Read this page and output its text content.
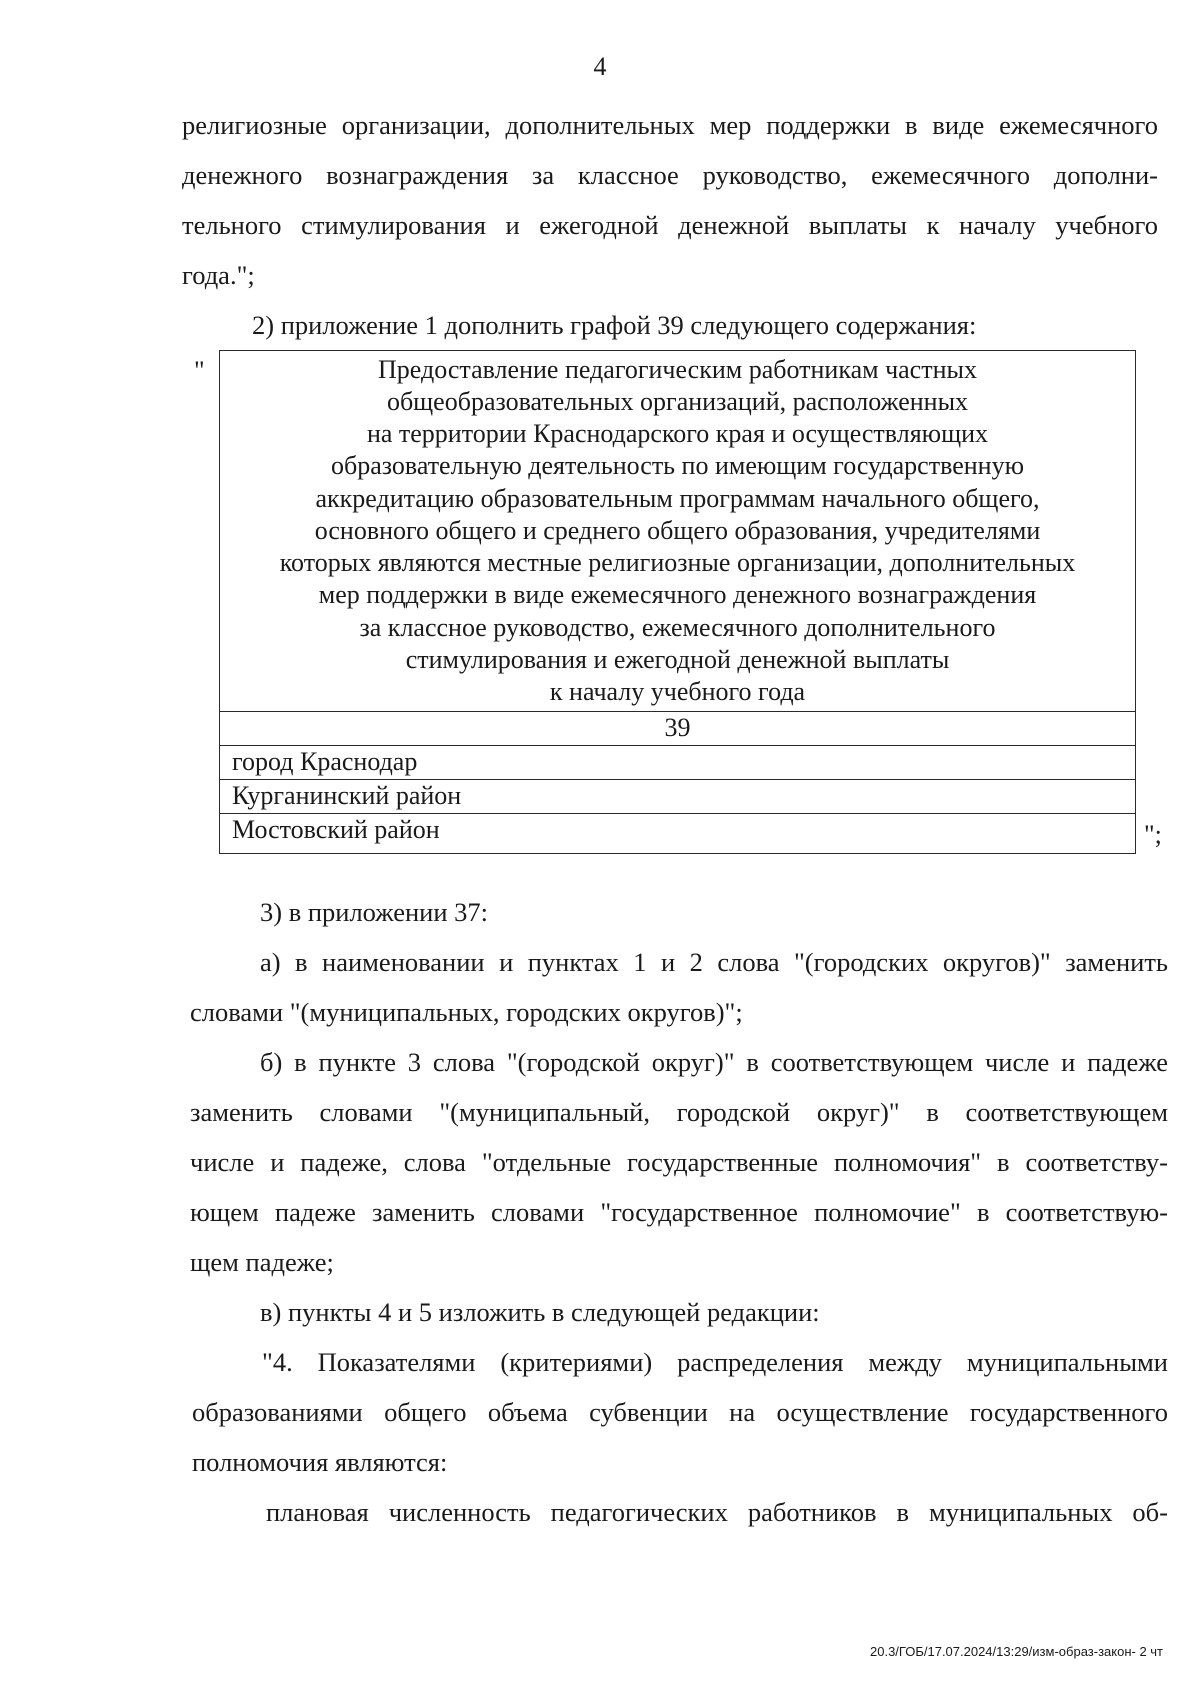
4
религиозные организации, дополнительных мер поддержки в виде ежемесячного
денежного вознаграждения за классное руководство, ежемесячного дополни-
тельного стимулирования и ежегодной денежной выплаты к началу учебного
года.";
2) приложение 1 дополнить графой 39 следующего содержания:
"	Предоставление педагогическим работникам частных
общеобразовательных организаций, расположенных
на территории Краснодарского края и осуществляющих
образовательную деятельность по имеющим государственную
аккредитацию образовательным программам начального общего,
основного общего и среднего общего образования, учредителями
которых являются местные религиозные организации, дополнительных
мер поддержки в виде ежемесячного денежного вознаграждения
за классное руководство, ежемесячного дополнительного
стимулирования и ежегодной денежной выплаты
к началу учебного года
39
город Краснодар
Курганинский район
Мостовский район	";
3) в приложении 37:
а) в наименовании и пунктах 1 и 2 слова "(городских округов)" заменить
словами "(муниципальных, городских округов)";
б) в пункте 3 слова "(городской округ)" в соответствующем числе и падеже
заменить словами "(муниципальный, городской округ)" в соответствующем
числе и падеже, слова "отдельные государственные полномочия" в соответству-
ющем падеже заменить словами "государственное полномочие" в соответствую-
щем падеже;
в) пункты 4 и 5 изложить в следующей редакции:
"4. Показателями (критериями) распределения между муниципальными
образованиями общего объема субвенции на осуществление государственного
полномочия являются:
плановая численность педагогических работников в муниципальных об-
20.3/ГОБ/17.07.2024/13:29/изм-образ-закон- 2 чт
